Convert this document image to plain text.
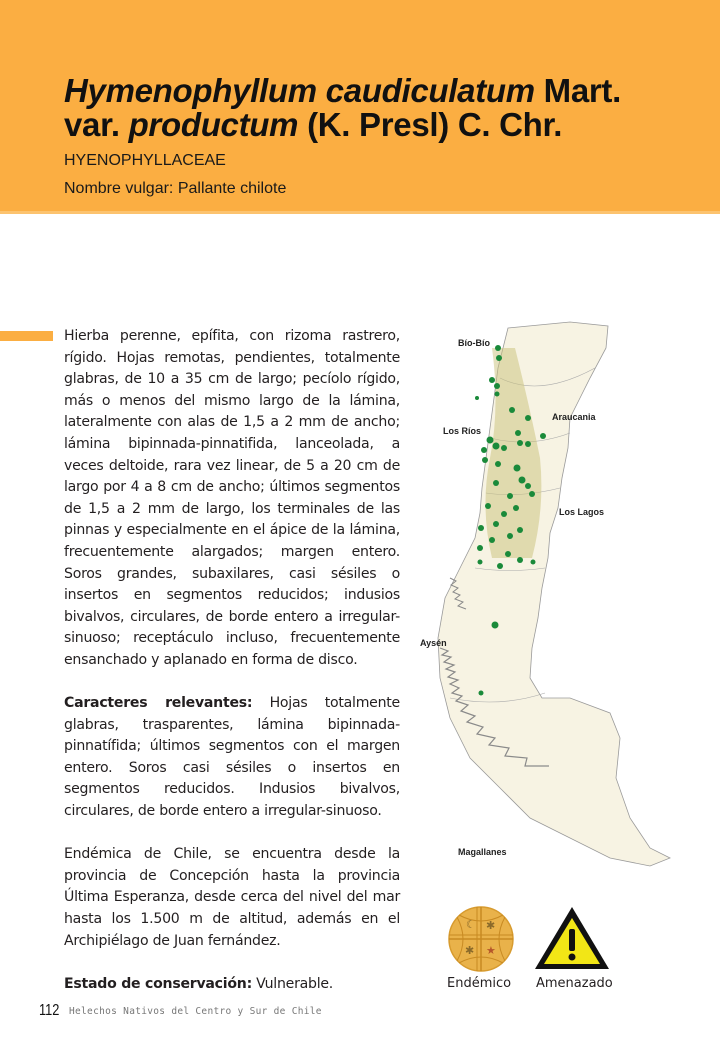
Hymenophyllum caudiculatum Mart.
var. productum (K. Presl) C. Chr.
HYENOPHYLLACEAE
Nombre vulgar: Pallante chilote

Hierba perenne, epífita, con rizoma rastrero, rígido. Hojas remotas, pendientes, totalmente glabras, de 10 a 35 cm de largo; pecíolo rígido, más o menos del mismo largo de la lámina, lateralmente con alas de 1,5 a 2 mm de ancho; lámina bipinnada-pinnatifida, lanceolada, a veces deltoide, rara vez linear, de 5 a 20 cm de largo por 4 a 8 cm de ancho; últimos segmentos de 1,5 a 2 mm de largo, los terminales de las pinnas y especialmente en el ápice de la lámina, frecuentemente alargados; margen entero. Soros grandes, subaxilares, casi sésiles o insertos en segmentos reducidos; indusios bivalvos, circulares, de borde entero a irregular-sinuoso; receptáculo incluso, frecuentemente ensanchado y aplanado en forma de disco.

Caracteres relevantes: Hojas totalmente glabras, trasparentes, lámina bipinnada-pinnatífida; últimos segmentos con el margen entero. Soros casi sésiles o insertos en segmentos reducidos. Indusios bivalvos, circulares, de borde entero a irregular-sinuoso.

Endémica de Chile, se encuentra desde la provincia de Concepción hasta la provincia Última Esperanza, desde cerca del nivel del mar hasta los 1.500 m de altitud, además en el Archipiélago de Juan fernández.

Estado de conservación: Vulnerable.

Bío-Bío
Araucania
Los Ríos
Los Lagos
Aysén
Magallanes
☾ ✱
✱ ★
Endémico Amenazado
112 Helechos Nativos del Centro y Sur de Chile
